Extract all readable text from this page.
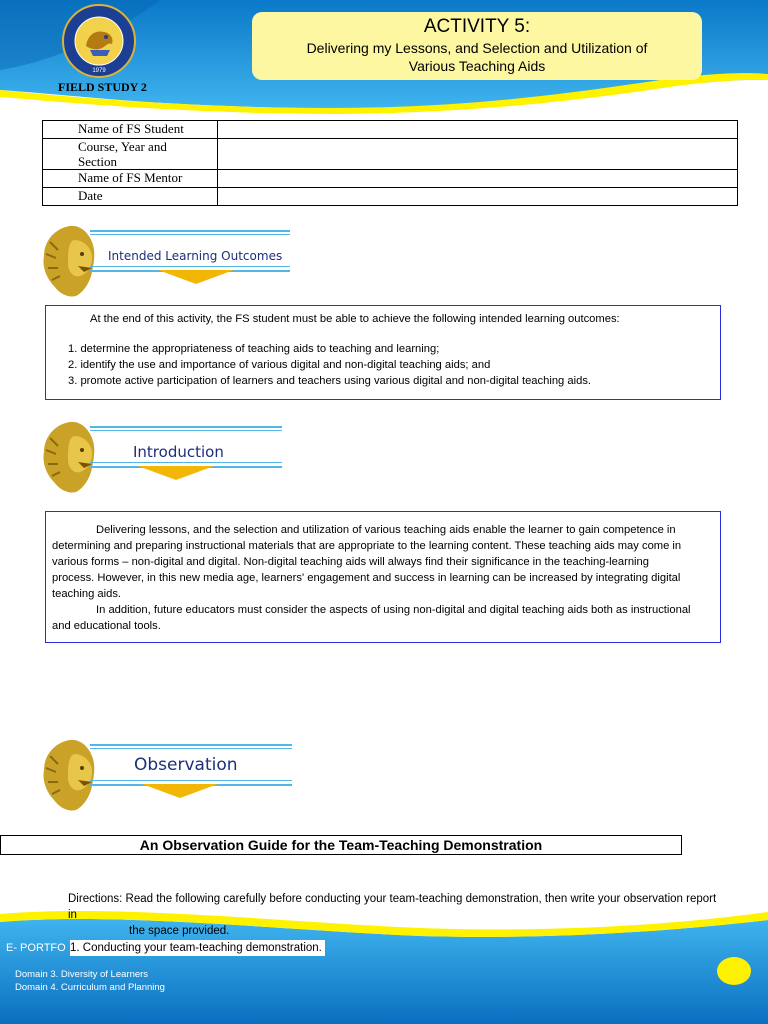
1979
FIELD STUDY 2
ACTIVITY 5:
Delivering my Lessons, and Selection and Utilization of
Various Teaching Aids
Name of FS Student	
Course, Year and
Section	
Name of FS Mentor	
Date	
Intended Learning Outcomes
At the end of this activity, the FS student must be able to achieve the following intended learning outcomes:
1. determine the appropriateness of teaching aids to teaching and learning;
2. identify the use and importance of various digital and non-digital teaching aids; and
3. promote active participation of learners and teachers using various digital and non-digital teaching aids.
Introduction
Delivering lessons, and the selection and utilization of various teaching aids enable the learner to gain competence in
determining and preparing instructional materials that are appropriate to the learning content. These teaching aids may come in
various forms – non-digital and digital. Non-digital teaching aids will always find their significance in the teaching-learning
process. However, in this new media age, learners' engagement and success in learning can be increased by integrating digital
teaching aids.
In addition, future educators must consider the aspects of using non-digital and digital teaching aids both as instructional
and educational tools.
Observation
An Observation Guide for the Team-Teaching Demonstration
Directions: Read the following carefully before conducting your team-teaching demonstration, then write your observation report in
the space provided.
E- PORTFO 1. Conducting your team-teaching demonstration.
Domain 3. Diversity of Learners
Domain 4. Curriculum and Planning
